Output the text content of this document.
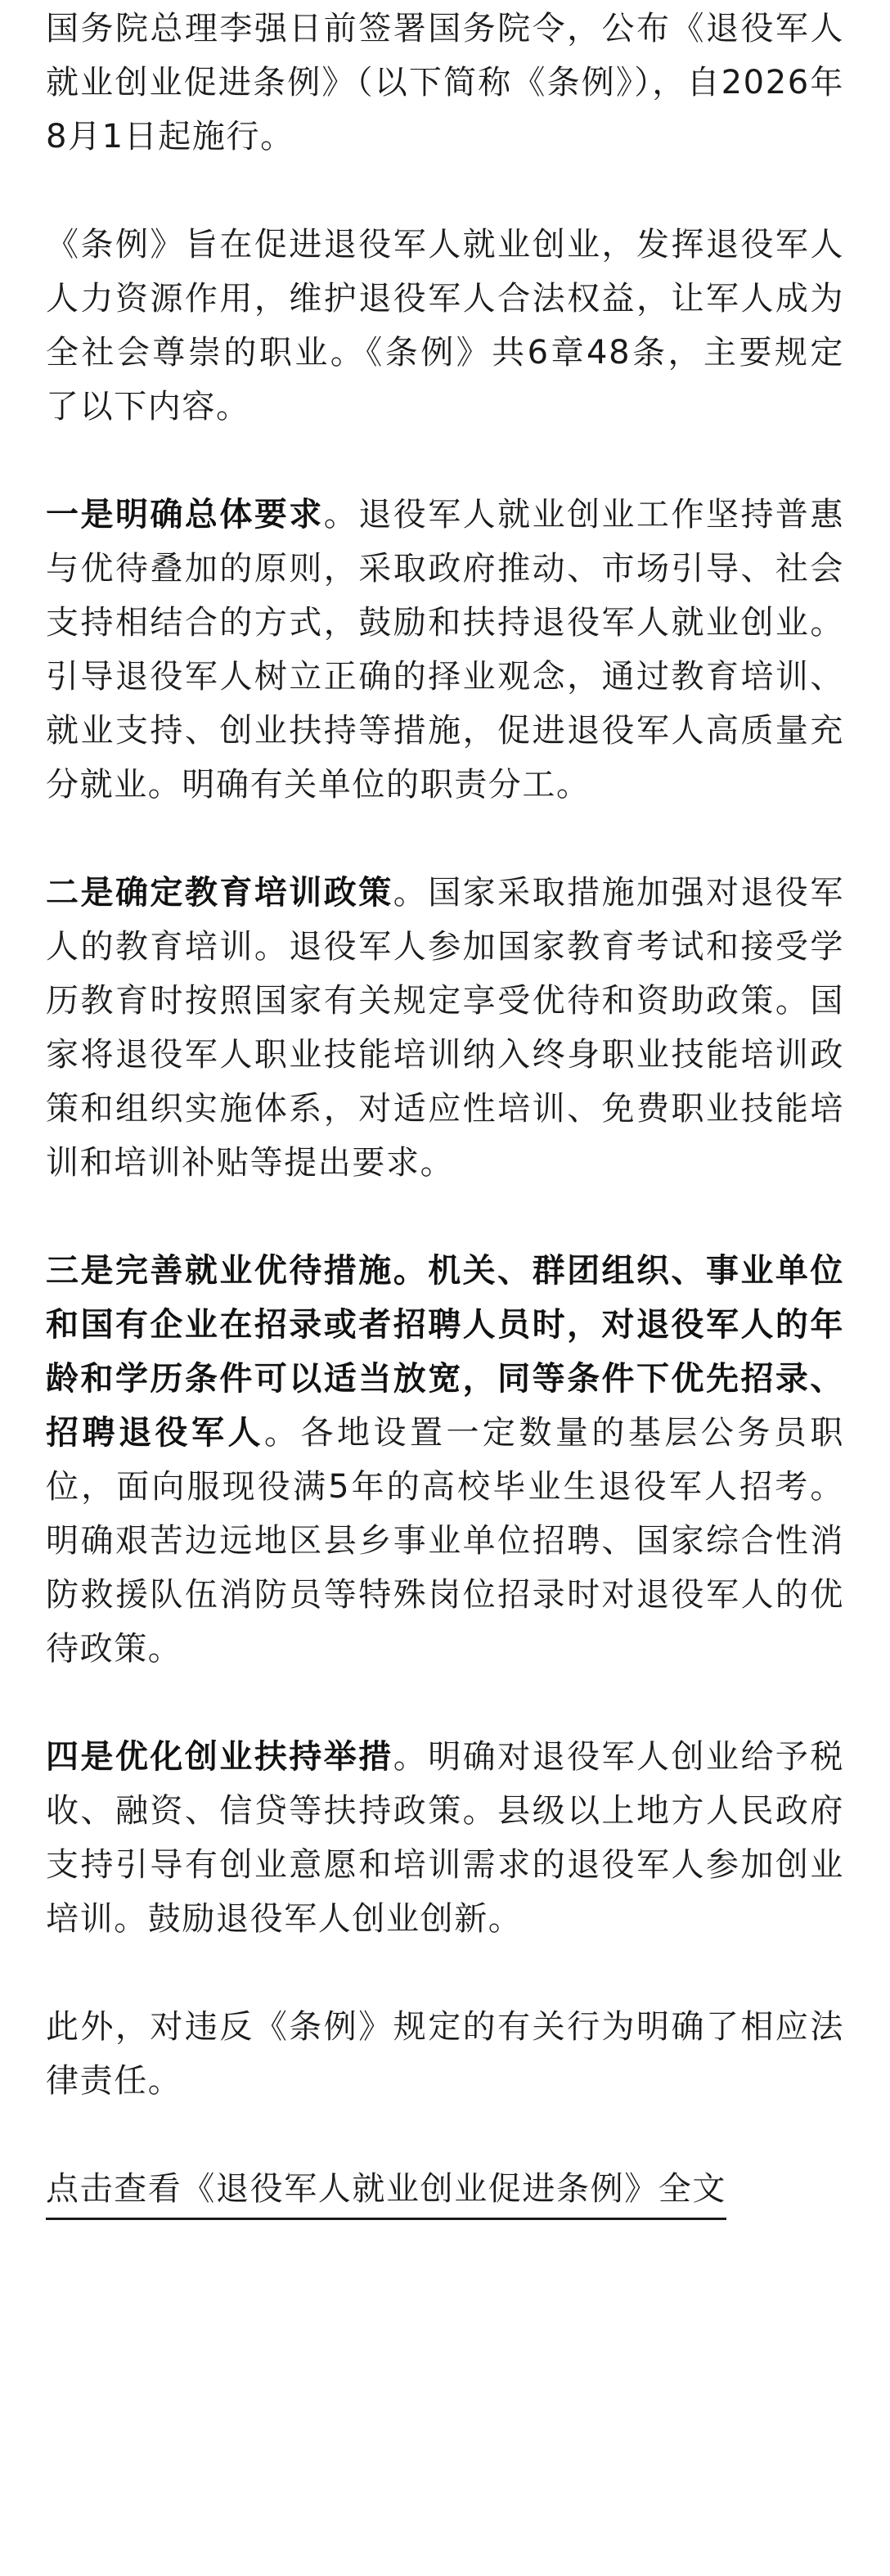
国务院总理李强日前签署国务院令，公布《退役军人就业创业促进条例》（以下简称《条例》），自2026年8月1日起施行。

《条例》旨在促进退役军人就业创业，发挥退役军人人力资源作用，维护退役军人合法权益，让军人成为全社会尊崇的职业。《条例》共6章48条，主要规定了以下内容。

一是明确总体要求。退役军人就业创业工作坚持普惠与优待叠加的原则，采取政府推动、市场引导、社会支持相结合的方式，鼓励和扶持退役军人就业创业。引导退役军人树立正确的择业观念，通过教育培训、就业支持、创业扶持等措施，促进退役军人高质量充分就业。明确有关单位的职责分工。

二是确定教育培训政策。国家采取措施加强对退役军人的教育培训。退役军人参加国家教育考试和接受学历教育时按照国家有关规定享受优待和资助政策。国家将退役军人职业技能培训纳入终身职业技能培训政策和组织实施体系，对适应性培训、免费职业技能培训和培训补贴等提出要求。

三是完善就业优待措施。机关、群团组织、事业单位和国有企业在招录或者招聘人员时，对退役军人的年龄和学历条件可以适当放宽，同等条件下优先招录、招聘退役军人。各地设置一定数量的基层公务员职位，面向服现役满5年的高校毕业生退役军人招考。明确艰苦边远地区县乡事业单位招聘、国家综合性消防救援队伍消防员等特殊岗位招录时对退役军人的优待政策。

四是优化创业扶持举措。明确对退役军人创业给予税收、融资、信贷等扶持政策。县级以上地方人民政府支持引导有创业意愿和培训需求的退役军人参加创业培训。鼓励退役军人创业创新。

此外，对违反《条例》规定的有关行为明确了相应法律责任。

点击查看《退役军人就业创业促进条例》全文
